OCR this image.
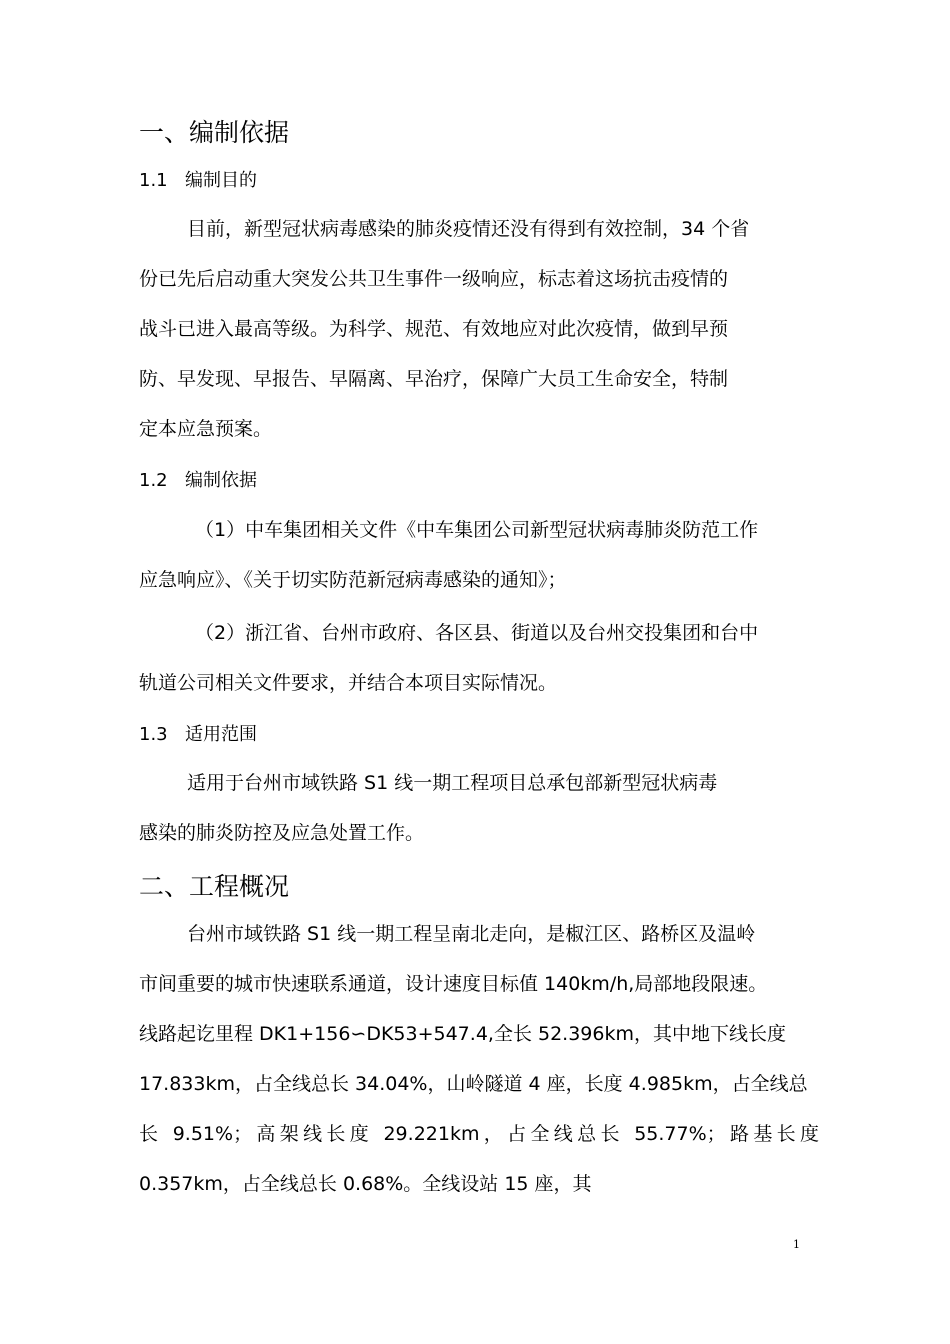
一、编制依据
1.1 编制目的
目前，新型冠状病毒感染的肺炎疫情还没有得到有效控制，34 个省
份已先后启动重大突发公共卫生事件一级响应，标志着这场抗击疫情的
战斗已进入最高等级。为科学、规范、有效地应对此次疫情，做到早预
防、早发现、早报告、早隔离、早治疗，保障广大员工生命安全，特制
定本应急预案。
1.2 编制依据
（1）中车集团相关文件《中车集团公司新型冠状病毒肺炎防范工作
应急响应》、《关于切实防范新冠病毒感染的通知》；
（2）浙江省、台州市政府、各区县、街道以及台州交投集团和台中
轨道公司相关文件要求，并结合本项目实际情况。
1.3 适用范围
适用于台州市域铁路 S1 线一期工程项目总承包部新型冠状病毒
感染的肺炎防控及应急处置工作。
二、工程概况
台州市域铁路 S1 线一期工程呈南北走向，是椒江区、路桥区及温岭
市间重要的城市快速联系通道，设计速度目标值 140km/h,局部地段限速。
线路起讫里程 DK1+156∽DK53+547.4,全长 52.396km，其中地下线长度
17.833km，占全线总长 34.04%，山岭隧道 4 座，长度 4.985km，占全线总
长 9.51%；高架线长度 29.221km，占全线总长 55.77%；路基长度
0.357km，占全线总长 0.68%。全线设站 15 座，其
1
